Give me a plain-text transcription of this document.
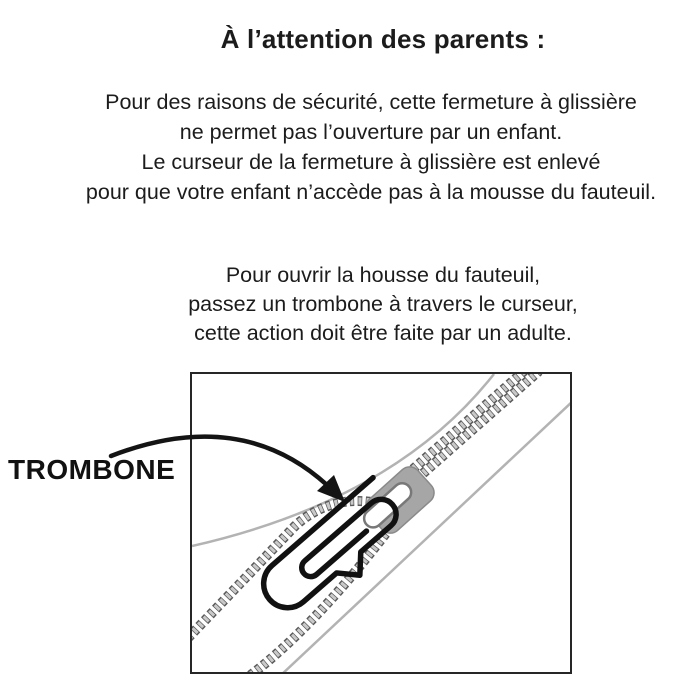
À l’attention des parents :
Pour des raisons de sécurité, cette fermeture à glissière
ne permet pas l’ouverture par un enfant.
Le curseur de la fermeture à glissière est enlevé
pour que votre enfant n’accède pas à la mousse du fauteuil.
Pour ouvrir la housse du fauteuil,
passez un trombone à travers le curseur,
cette action doit être faite par un adulte.
TROMBONE
